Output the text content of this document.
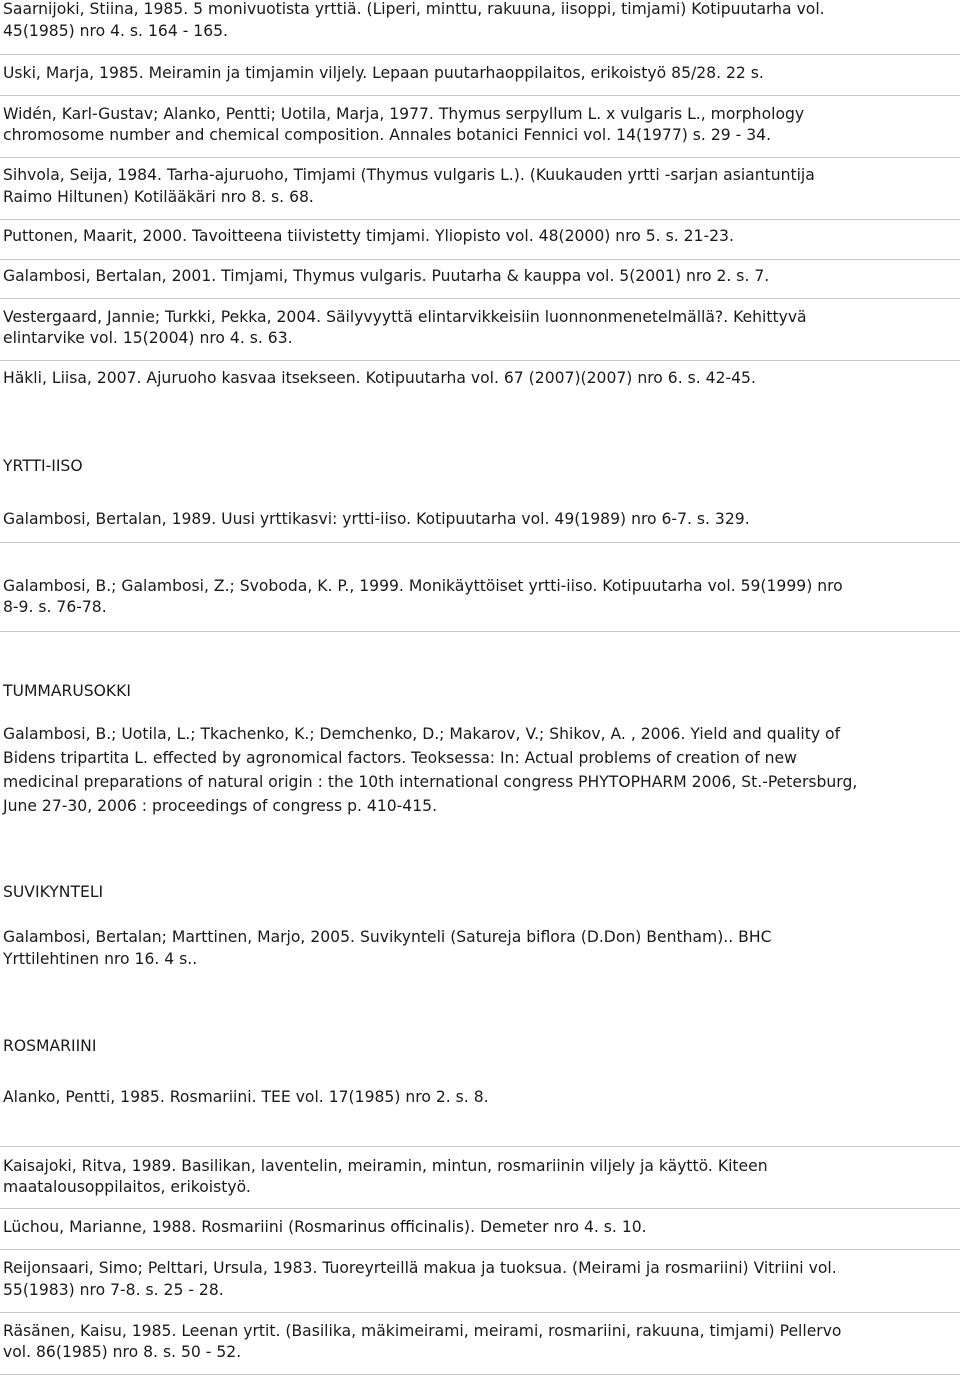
Saarnijoki, Stiina, 1985. 5 monivuotista yrttiä. (Liperi, minttu, rakuuna, iisoppi, timjami) Kotipuutarha vol.
45(1985) nro 4. s. 164 - 165.
Uski, Marja, 1985. Meiramin ja timjamin viljely. Lepaan puutarhaoppilaitos, erikoistyö 85/28. 22 s.
Widén, Karl-Gustav; Alanko, Pentti; Uotila, Marja, 1977. Thymus serpyllum L. x vulgaris L., morphology
chromosome number and chemical composition. Annales botanici Fennici vol. 14(1977) s. 29 - 34.
Sihvola, Seija, 1984. Tarha-ajuruoho, Timjami (Thymus vulgaris L.). (Kuukauden yrtti -sarjan asiantuntija
Raimo Hiltunen) Kotilääkäri nro 8. s. 68.
Puttonen, Maarit, 2000. Tavoitteena tiivistetty timjami. Yliopisto vol. 48(2000) nro 5. s. 21-23.
Galambosi, Bertalan, 2001. Timjami, Thymus vulgaris. Puutarha & kauppa vol. 5(2001) nro 2. s. 7.
Vestergaard, Jannie; Turkki, Pekka, 2004. Säilyvyyttä elintarvikkeisiin luonnonmenetelmällä?. Kehittyvä
elintarvike vol. 15(2004) nro 4. s. 63.
Häkli, Liisa, 2007. Ajuruoho kasvaa itsekseen. Kotipuutarha vol. 67 (2007)(2007) nro 6. s. 42-45.
YRTTI-IISO
Galambosi, Bertalan, 1989. Uusi yrttikasvi: yrtti-iiso. Kotipuutarha vol. 49(1989) nro 6-7. s. 329.
Galambosi, B.; Galambosi, Z.; Svoboda, K. P., 1999. Monikäyttöiset yrtti-iiso. Kotipuutarha vol. 59(1999) nro
8-9. s. 76-78.
TUMMARUSOKKI
Galambosi, B.; Uotila, L.; Tkachenko, K.; Demchenko, D.; Makarov, V.; Shikov, A. , 2006. Yield and quality of
Bidens tripartita L. effected by agronomical factors. Teoksessa: In: Actual problems of creation of new
medicinal preparations of natural origin : the 10th international congress PHYTOPHARM 2006, St.-Petersburg,
June 27-30, 2006 : proceedings of congress p. 410-415.
SUVIKYNTELI
Galambosi, Bertalan; Marttinen, Marjo, 2005. Suvikynteli (Satureja biflora (D.Don) Bentham).. BHC
Yrttilehtinen nro 16. 4 s..
ROSMARIINI
Alanko, Pentti, 1985. Rosmariini. TEE vol. 17(1985) nro 2. s. 8.
Kaisajoki, Ritva, 1989. Basilikan, laventelin, meiramin, mintun, rosmariinin viljely ja käyttö. Kiteen
maatalousoppilaitos, erikoistyö.
Lüchou, Marianne, 1988. Rosmariini (Rosmarinus officinalis). Demeter nro 4. s. 10.
Reijonsaari, Simo; Pelttari, Ursula, 1983. Tuoreyrteillä makua ja tuoksua. (Meirami ja rosmariini) Vitriini vol.
55(1983) nro 7-8. s. 25 - 28.
Räsänen, Kaisu, 1985. Leenan yrtit. (Basilika, mäkimeirami, meirami, rosmariini, rakuuna, timjami) Pellervo
vol. 86(1985) nro 8. s. 50 - 52.
